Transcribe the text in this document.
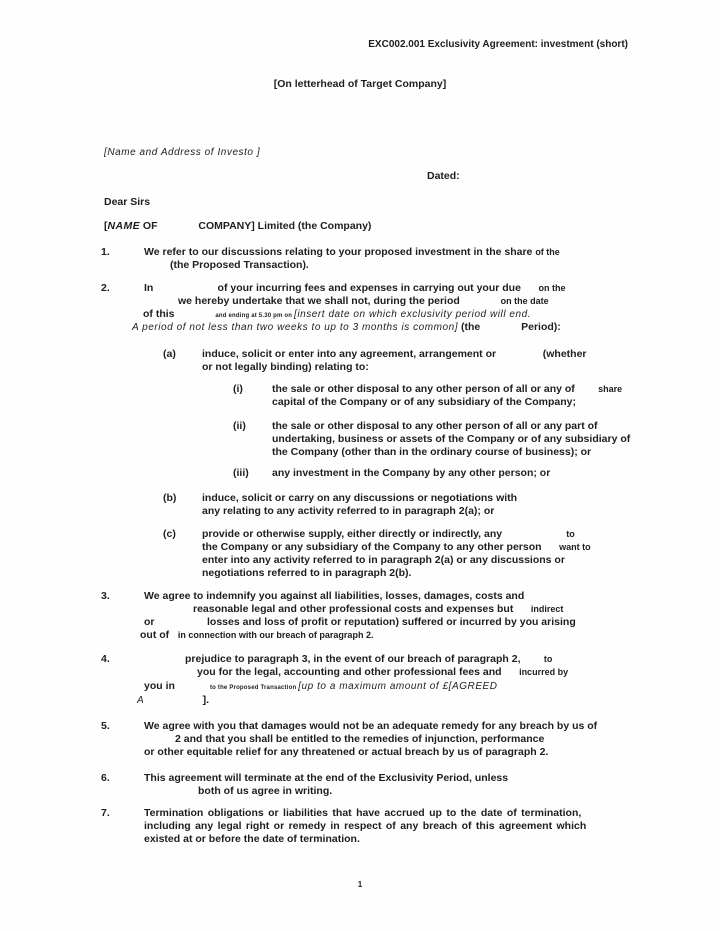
EXC002.001 Exclusivity Agreement: investment (short)
[On letterhead of Target Company]
[Name and Address of Investo ]
Dated:
Dear Sirs
[NAME OF	COMPANY] Limited (the Company)
1.	We refer to our discussions relating to your proposed investment in the share of the
(the Proposed Transaction).
2.	In	of your incurring fees and expenses in carrying out your due on the
we hereby undertake that we shall not, during the period	on the date
of this	and ending at 5.30 pm on [insert date on which exclusivity period will end.
A period of not less than two weeks to up to 3 months is common] (the	Period):
(a) induce, solicit or enter into any agreement, arrangement or	(whether
or not legally binding) relating to:
(i)	the sale or other disposal to any other person of all or any of	share
capital of the Company or of any subsidiary of the Company;
(ii) the sale or other disposal to any other person of all or any part of
undertaking, business or assets of the Company or of any subsidiary of
the Company (other than in the ordinary course of business); or
(iii) any investment in the Company by any other person; or
(b) induce, solicit or carry on any discussions or negotiations with
any relating to any activity referred to in paragraph 2(a); or
(c) provide or otherwise supply, either directly or indirectly, any	to
the Company or any subsidiary of the Company to any other person want to
enter into any activity referred to in paragraph 2(a) or any discussions or
negotiations referred to in paragraph 2(b).
3.	We agree to indemnify you against all liabilities, losses, damages, costs and
reasonable legal and other professional costs and expenses but indirect
or	losses and loss of profit or reputation) suffered or incurred by you arising
out of in connection with our breach of paragraph 2.
4.	prejudice to paragraph 3, in the event of our breach of paragraph 2,	to
you for the legal, accounting and other professional fees and incurred by
you in	to the Proposed Transaction [up to a maximum amount of £[AGREED
A	].
5.	We agree with you that damages would not be an adequate remedy for any breach by us of
2 and that you shall be entitled to the remedies of injunction, performance
or other equitable relief for any threatened or actual breach by us of paragraph 2.
6.	This agreement will terminate at the end of the Exclusivity Period, unless
both of us agree in writing.
7.	Termination obligations or liabilities that have accrued up to the date of termination,
including any legal right or remedy in respect of any breach of this agreement which
existed at or before the date of termination.
1
